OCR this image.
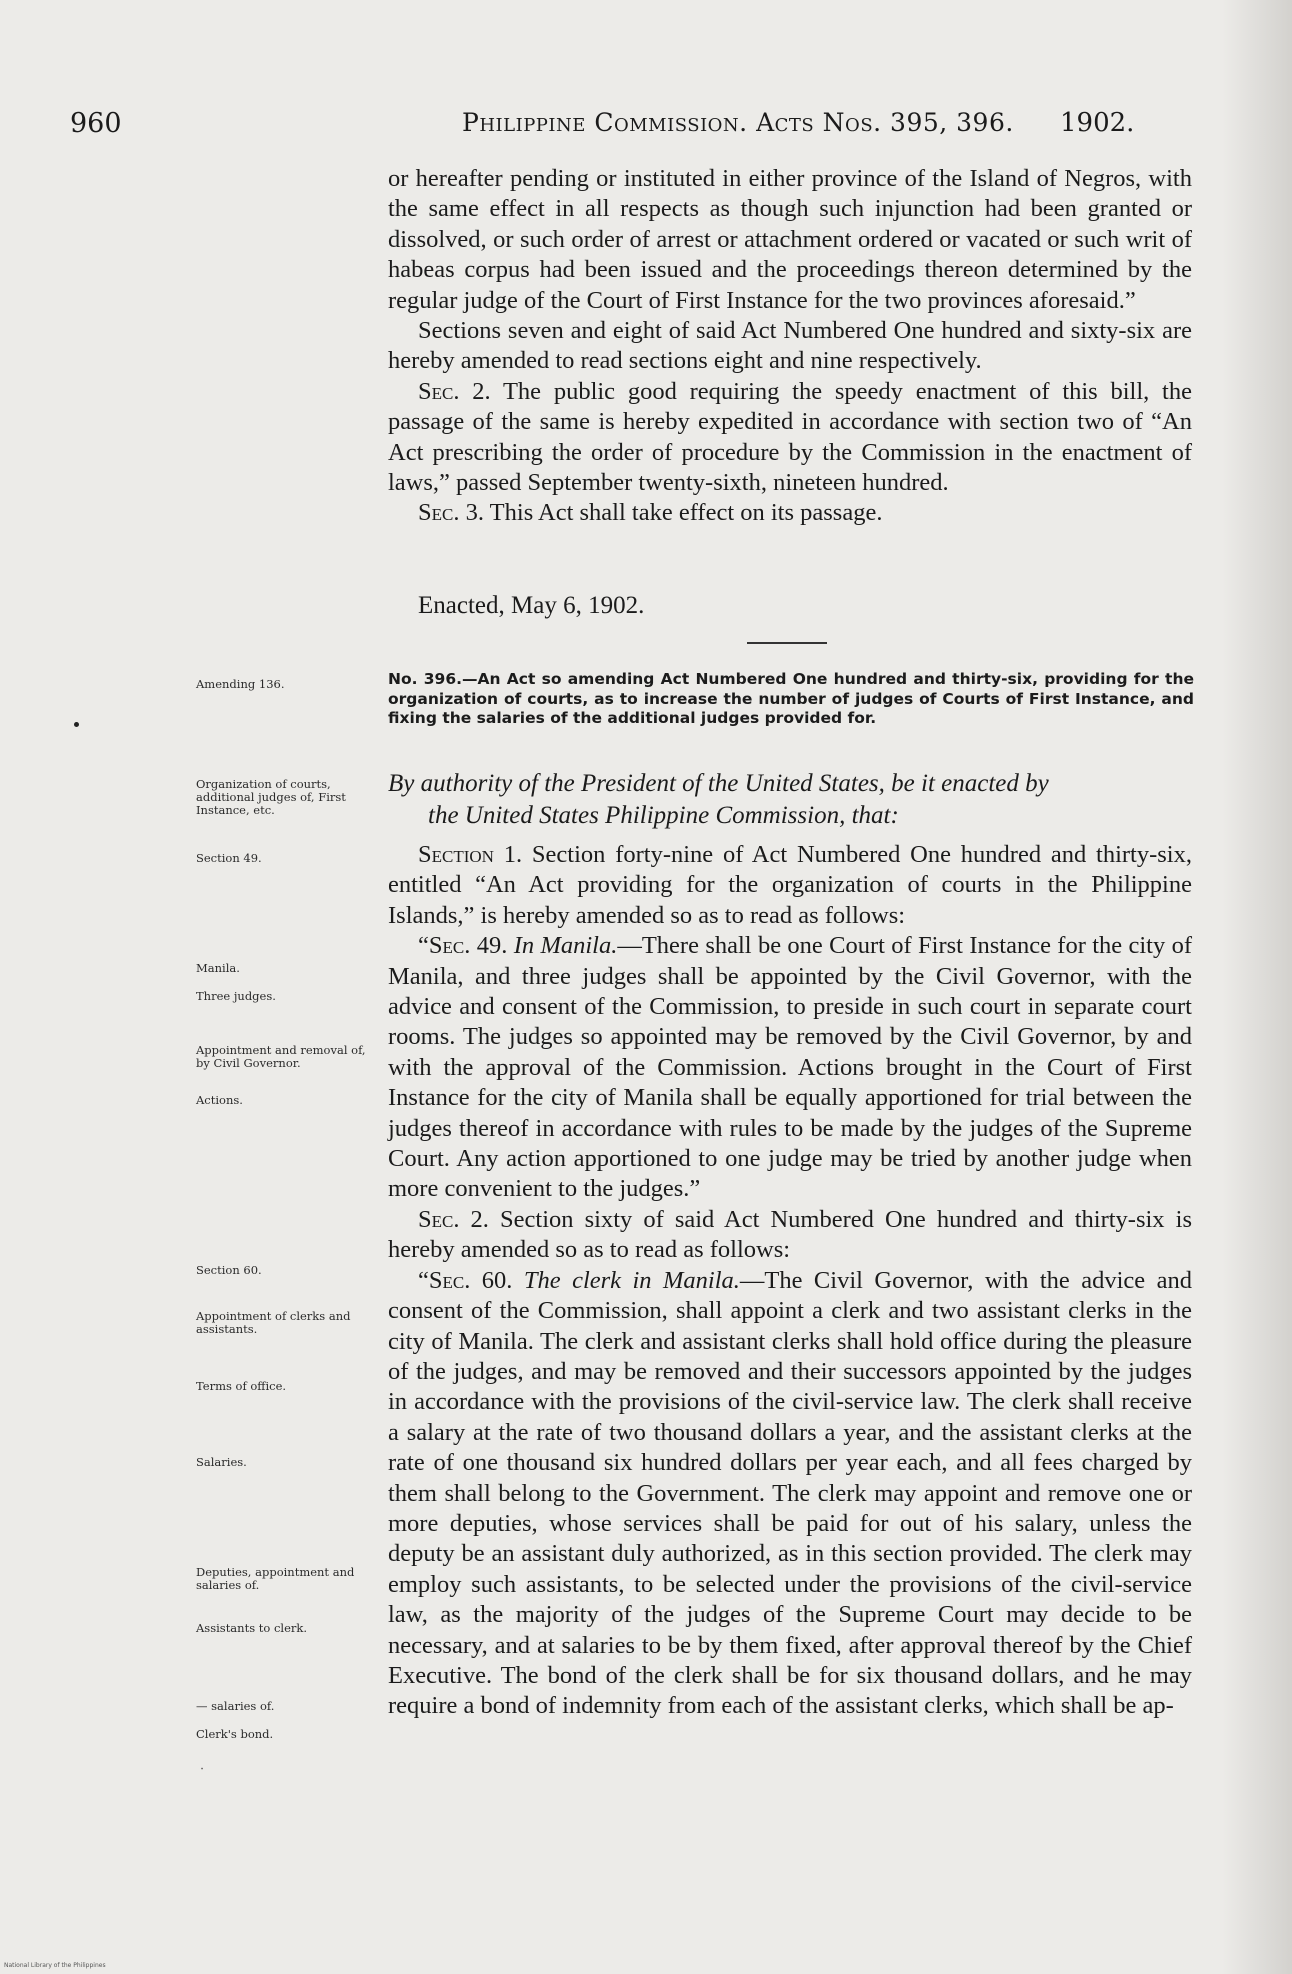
960	Philippine Commission. Acts Nos. 395, 396. 1902.

or hereafter pending or instituted in either province of the Island of Negros, with the same effect in all respects as though such injunction had been granted or dissolved, or such order of arrest or attachment ordered or vacated or such writ of habeas corpus had been issued and the proceedings thereon determined by the regular judge of the Court of First Instance for the two provinces aforesaid.”

Sections seven and eight of said Act Numbered One hundred and sixty-six are hereby amended to read sections eight and nine respectively.

Sec. 2. The public good requiring the speedy enactment of this bill, the passage of the same is hereby expedited in accordance with section two of “An Act prescribing the order of procedure by the Commission in the enactment of laws,” passed September twenty-sixth, nineteen hundred.

Sec. 3. This Act shall take effect on its passage.

Enacted, May 6, 1902.
No. 396.—An Act so amending Act Numbered One hundred and thirty-six, providing for the organization of courts, as to increase the number of judges of Courts of First Instance, and fixing the salaries of the additional judges provided for.
By authority of the President of the United States, be it enacted by
the United States Philippine Commission, that:

Section 1. Section forty-nine of Act Numbered One hundred and thirty-six, entitled “An Act providing for the organization of courts in the Philippine Islands,” is hereby amended so as to read as follows:

“Sec. 49. In Manila.—There shall be one Court of First Instance for the city of Manila, and three judges shall be appointed by the Civil Governor, with the advice and consent of the Commission, to preside in such court in separate court rooms. The judges so appointed may be removed by the Civil Governor, by and with the approval of the Commission. Actions brought in the Court of First Instance for the city of Manila shall be equally apportioned for trial between the judges thereof in accordance with rules to be made by the judges of the Supreme Court. Any action apportioned to one judge may be tried by another judge when more convenient to the judges.”

Sec. 2. Section sixty of said Act Numbered One hundred and thirty-six is hereby amended so as to read as follows:

“Sec. 60. The clerk in Manila.—The Civil Governor, with the advice and consent of the Commission, shall appoint a clerk and two assistant clerks in the city of Manila. The clerk and assistant clerks shall hold office during the pleasure of the judges, and may be removed and their successors appointed by the judges in accordance with the provisions of the civil-service law. The clerk shall receive a salary at the rate of two thousand dollars a year, and the assistant clerks at the rate of one thousand six hundred dollars per year each, and all fees charged by them shall belong to the Government. The clerk may appoint and remove one or more deputies, whose services shall be paid for out of his salary, unless the deputy be an assistant duly authorized, as in this section provided. The clerk may employ such assistants, to be selected under the provisions of the civil-service law, as the majority of the judges of the Supreme Court may decide to be necessary, and at salaries to be by them fixed, after approval thereof by the Chief Executive. The bond of the clerk shall be for six thousand dollars, and he may require a bond of indemnity from each of the assistant clerks, which shall be ap-

Amending 136.
Organization of courts, additional judges of, First Instance, etc.
Section 49.
Manila.
Three judges.
Appointment and removal of, by Civil Governor.
Actions.
Section 60.
Appointment of clerks and assistants.
Terms of office.
Salaries.
Deputies, appointment and salaries of.
Assistants to clerk.
— salaries of.
Clerk's bond.
ˑ
National Library of the Philippines
